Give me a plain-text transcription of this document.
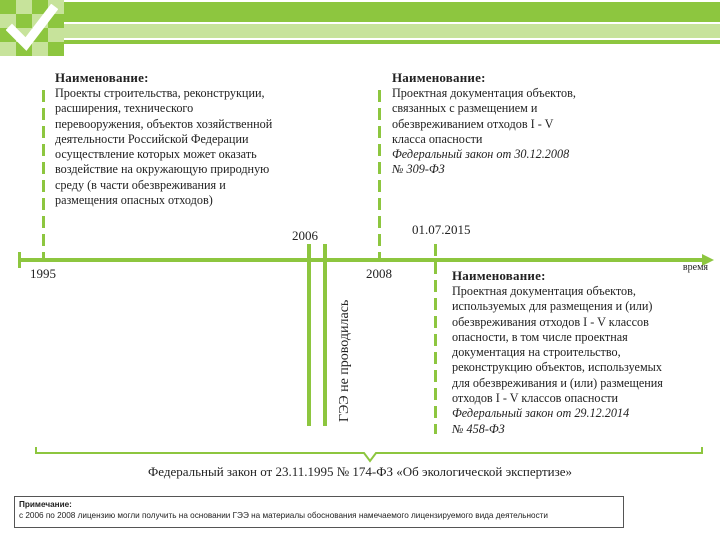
Наименование:
Проекты строительства, реконструкции,
расширения, технического
перевооружения, объектов хозяйственной
деятельности Российской Федерации
осуществление которых может оказать
воздействие на окружающую природную
среду (в части обезвреживания и
размещения опасных отходов)
Наименование:
Проектная документация объектов,
связанных с размещением и
обезвреживанием отходов I - V
класса опасности
Федеральный закон от 30.12.2008
№ 309-ФЗ
2006	01.07.2015
1995	2008	время
ГЭЭ не проводилась
Наименование:
Проектная документация объектов,
используемых для размещения и (или)
обезвреживания отходов I - V классов
опасности, в том числе проектная
документация на строительство,
реконструкцию объектов, используемых
для обезвреживания и (или) размещения
отходов I - V классов опасности
Федеральный закон от 29.12.2014
№ 458-ФЗ
Федеральный закон от 23.11.1995 № 174-ФЗ «Об экологической экспертизе»
Примечание:
с 2006 по 2008 лицензию могли получить на основании ГЭЭ на материалы обоснования намечаемого лицензируемого вида деятельности
